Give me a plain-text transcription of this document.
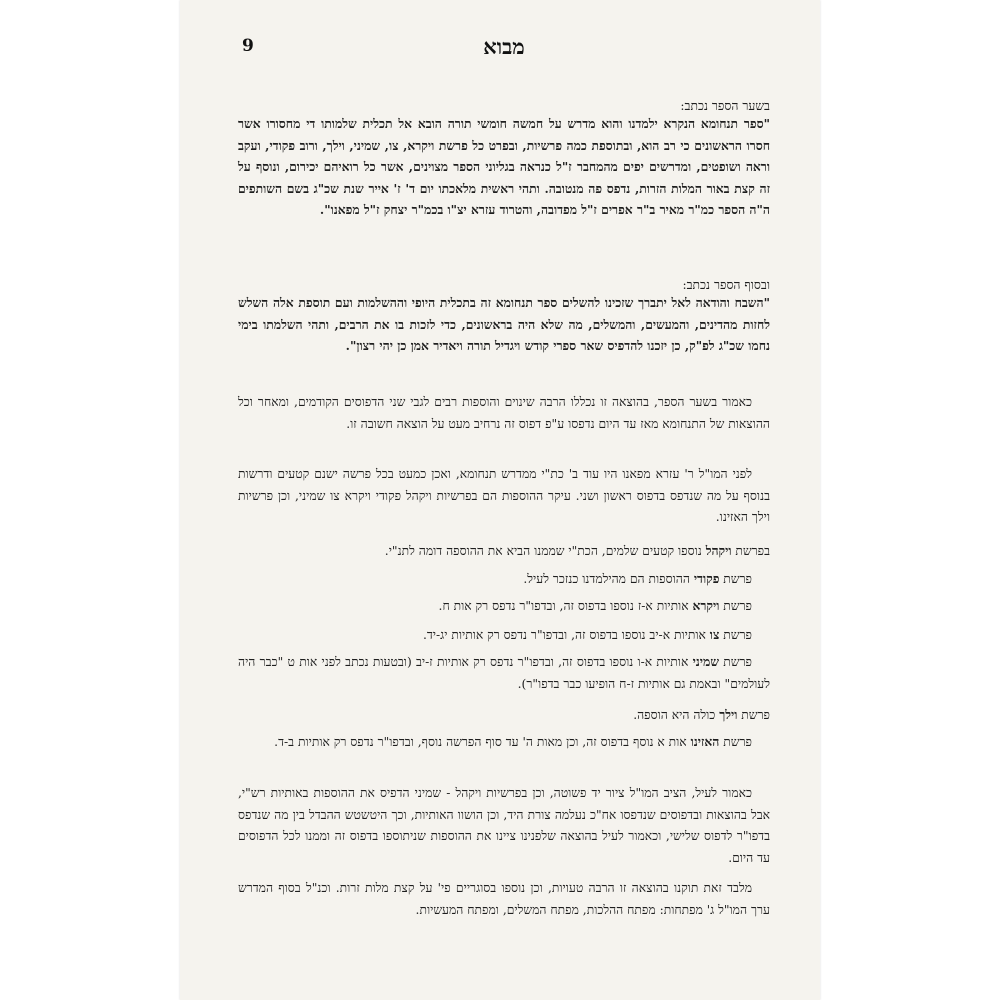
מבוא
9

בשער הספר נכתב:

"ספר תנחומא הנקרא ילמדנו והוא מדרש על חמשה חומשי תורה הובא אל תכלית שלמותו די מחסורו אשר חסרו הראשונים כי רב הוא, ובתוספת כמה פרשיות, ובפרט כל פרשת ויקרא, צו, שמיני, וילך, ורוב פקודי, ועקב וראה ושופטים, ומדרשים יפים מהמחבר ז"ל כנראה בגליוני הספר מצוינים, אשר כל רואיהם יכירום, ונוסף על זה קצת באור המלות הזרות, נדפס פה מנטובה. ותהי ראשית מלאכתו יום ד' ז' אייר שנת שכ"ג בשם השותפים ה"ה הספר כמ"ר מאיר ב"ר אפרים ז"ל מפדובה, והטרוד עזרא יצ"ו בכמ"ר יצחק ז"ל מפאנו".

ובסוף הספר נכתב:

"השבח והודאה לאל יתברך שזכינו להשלים ספר תנחומא זה בתכלית היופי וההשלמות ועם תוספת אלה השלש לחזות מהדינים, והמעשים, והמשלים, מה שלא היה בראשונים, כדי לזכות בו את הרבים, ותהי השלמתו בימי נחמו שכ"ג לפ"ק, כן יזכנו להדפיס שאר ספרי קודש ויגדיל תורה ויאדיר אמן כן יהי רצון".

כאמור בשער הספר, בהוצאה זו נכללו הרבה שינוים והוספות רבים לגבי שני הדפוסים הקודמים, ומאחר וכל ההוצאות של התנחומא מאז עד היום נדפסו ע"פ דפוס זה נרחיב מעט על הוצאה חשובה זו.

לפני המו"ל ר' עזרא מפאנו היו עוד ב' כת"י ממדרש תנחומא, ואכן כמעט בכל פרשה ישנם קטעים ודרשות בנוסף על מה שנדפס בדפוס ראשון ושני. עיקר ההוספות הם בפרשיות ויקהל פקודי ויקרא צו שמיני, וכן פרשיות וילך האזינו.

בפרשת ויקהל נוספו קטעים שלמים, הכת"י שממנו הביא את ההוספה דומה לתנ"י.

פרשת פקודי ההוספות הם מהילמדנו כנזכר לעיל.

פרשת ויקרא אותיות א-ז נוספו בדפוס זה, ובדפו"ר נדפס רק אות ח.

פרשת צו אותיות א-יב נוספו בדפוס זה, ובדפו"ר נדפס רק אותיות יג-יד.

פרשת שמיני אותיות א-ו נוספו בדפוס זה, ובדפו"ר נדפס רק אותיות ז-יב (ובטעות נכתב לפני אות ט "כבר היה לעולמים" ובאמת גם אותיות ז-ח הופיעו כבר בדפו"ר).

פרשת וילך כולה היא הוספה.

פרשת האזינו אות א נוסף בדפוס זה, וכן מאות ה' עד סוף הפרשה נוסף, ובדפו"ר נדפס רק אותיות ב-ד.

כאמור לעיל, הציב המו"ל ציור יד פשוטה, וכן בפרשיות ויקהל - שמיני הדפיס את ההוספות באותיות רש"י, אבל בהוצאות ובדפוסים שנדפסו אח"כ נעלמה צורת היד, וכן הושוו האותיות, וכך היטשטש ההבדל בין מה שנדפס בדפו"ר לדפוס שלישי, וכאמור לעיל בהוצאה שלפנינו ציינו את ההוספות שניתוספו בדפוס זה וממנו לכל הדפוסים עד היום.

מלבד זאת תוקנו בהוצאה זו הרבה טעויות, וכן נוספו בסוגריים פי' על קצת מלות זרות. וכנ"ל בסוף המדרש ערך המו"ל ג' מפתחות: מפתח ההלכות, מפתח המשלים, ומפתח המעשיות.
